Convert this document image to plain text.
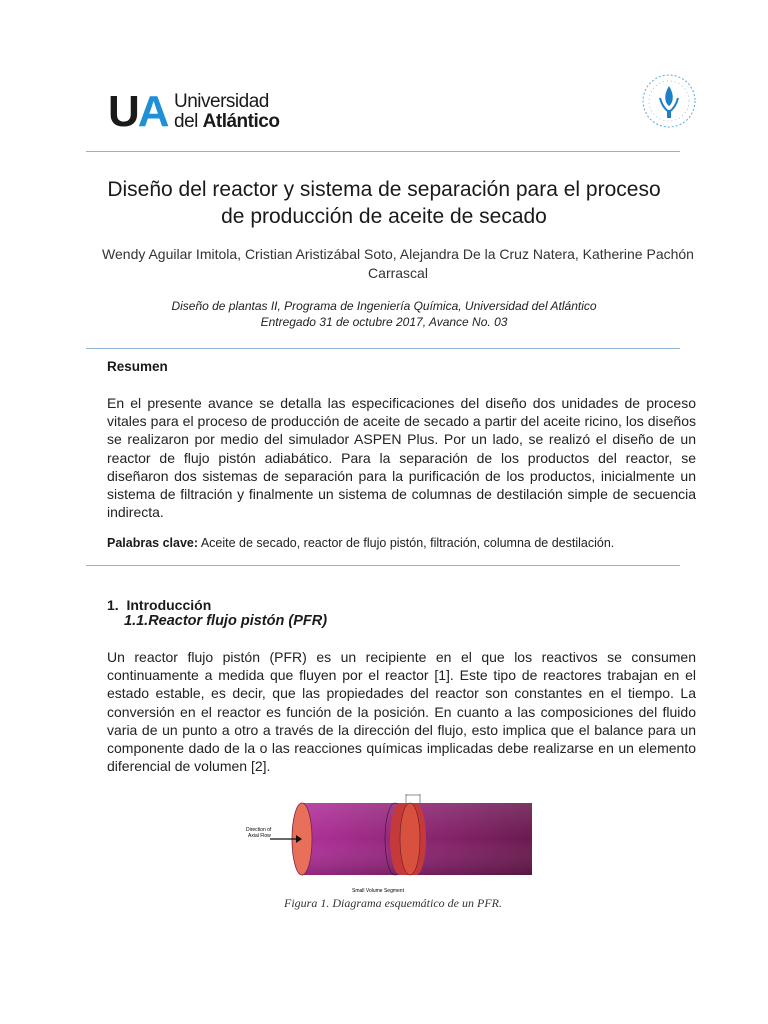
UA Universidad
del Atlántico
Diseño del reactor y sistema de separación para el proceso de producción de aceite de secado
Wendy Aguilar Imitola, Cristian Aristizábal Soto, Alejandra De la Cruz Natera, Katherine Pachón Carrascal
Diseño de plantas II, Programa de Ingeniería Química, Universidad del Atlántico
Entregado 31 de octubre 2017, Avance No. 03
Resumen
En el presente avance se detalla las especificaciones del diseño dos unidades de proceso vitales para el proceso de producción de aceite de secado a partir del aceite ricino, los diseños se realizaron por medio del simulador ASPEN Plus. Por un lado, se realizó el diseño de un reactor de flujo pistón adiabático. Para la separación de los productos del reactor, se diseñaron dos sistemas de separación para la purificación de los productos, inicialmente un sistema de filtración y finalmente un sistema de columnas de destilación simple de secuencia indirecta.
Palabras clave: Aceite de secado, reactor de flujo pistón, filtración, columna de destilación.
1. Introducción
1.1.Reactor flujo pistón (PFR)
Un reactor flujo pistón (PFR) es un recipiente en el que los reactivos se consumen continuamente a medida que fluyen por el reactor [1]. Este tipo de reactores trabajan en el estado estable, es decir, que las propiedades del reactor son constantes en el tiempo. La conversión en el reactor es función de la posición. En cuanto a las composiciones del fluido varia de un punto a otro a través de la dirección del flujo, esto implica que el balance para un componente dado de la o las reacciones químicas implicadas debe realizarse en un elemento diferencial de volumen [2].
Direction of
Axial Flow
Small Volume Segment
Figura 1. Diagrama esquemático de un PFR.
